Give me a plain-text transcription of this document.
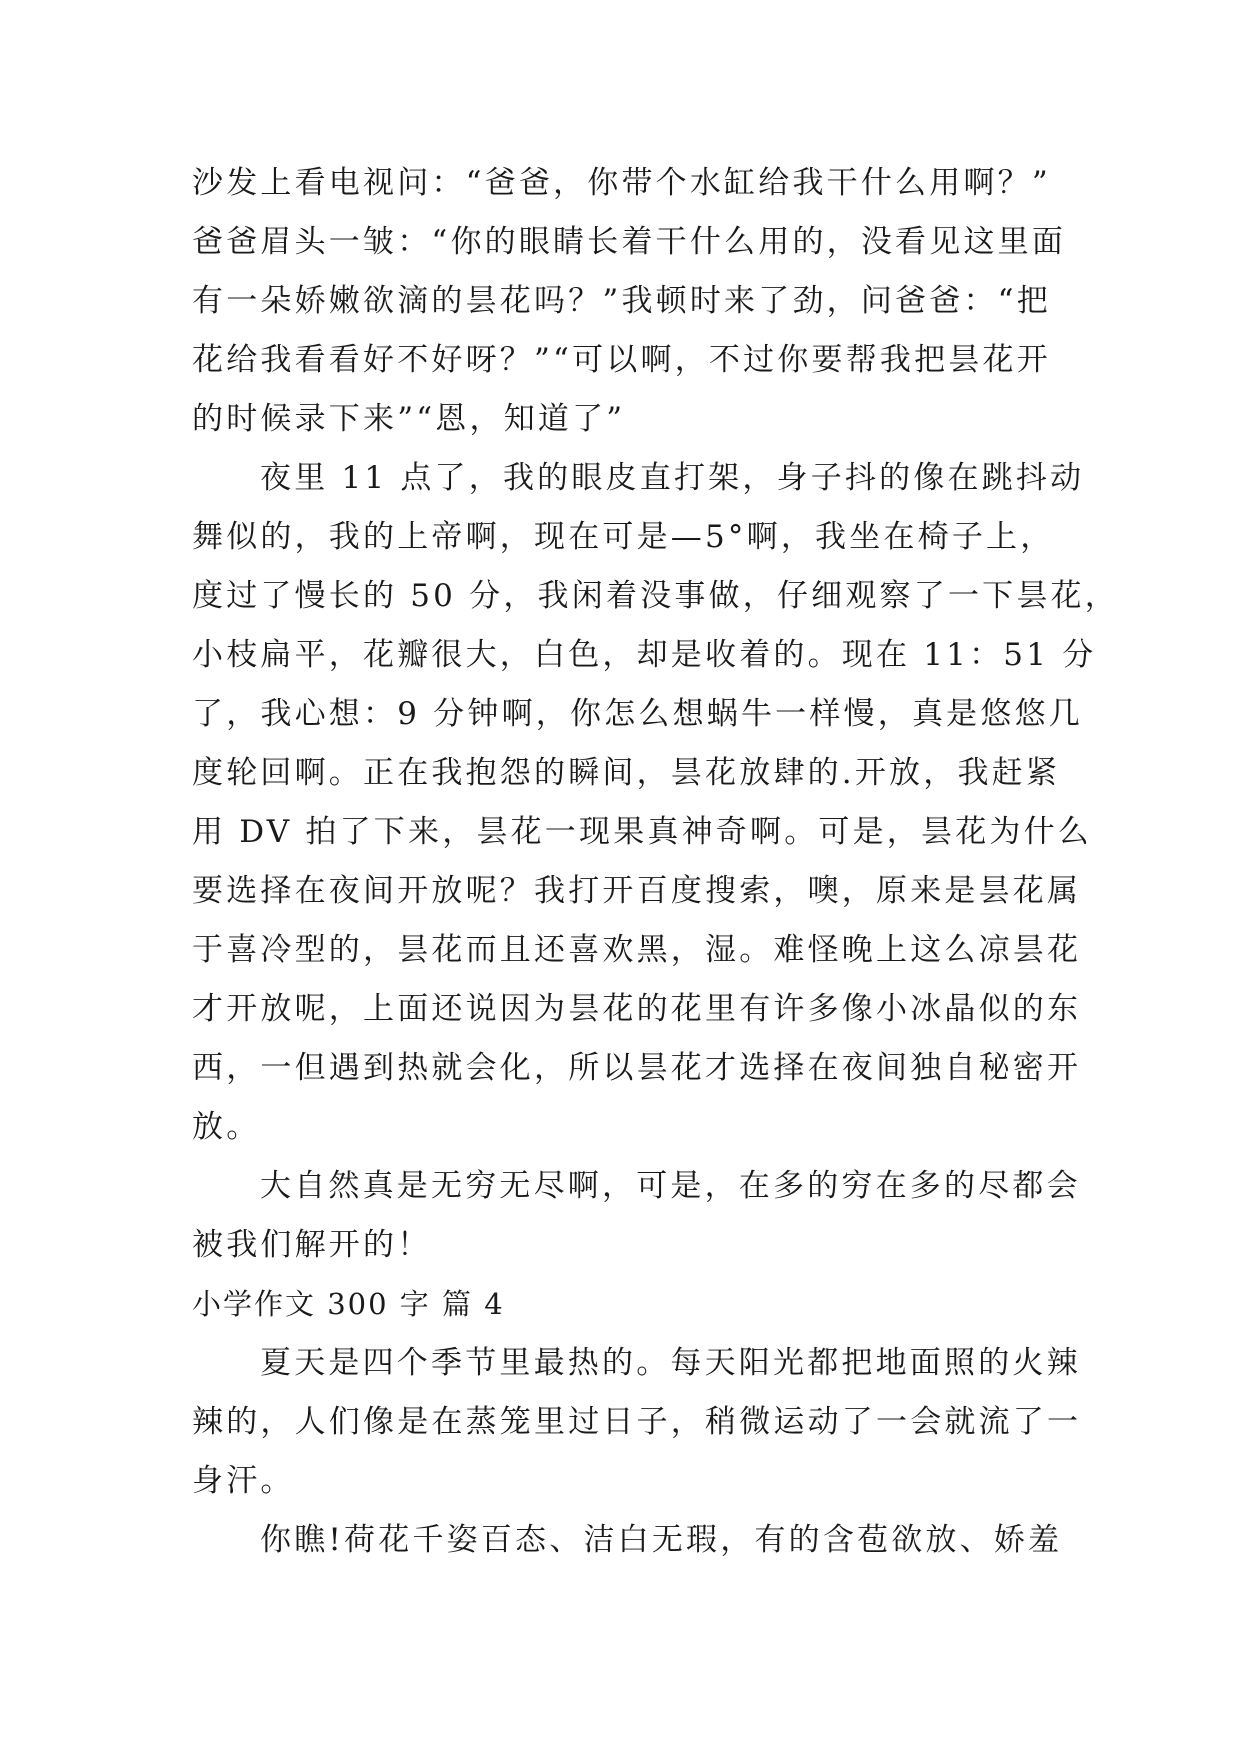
沙发上看电视问：“爸爸，你带个水缸给我干什么用啊？”
爸爸眉头一皱：“你的眼睛长着干什么用的，没看见这里面
有一朵娇嫩欲滴的昙花吗？”我顿时来了劲，问爸爸：“把
花给我看看好不好呀？”“可以啊，不过你要帮我把昙花开
的时候录下来”“恩，知道了”
夜里 11 点了，我的眼皮直打架，身子抖的像在跳抖动
舞似的，我的上帝啊，现在可是—5°啊，我坐在椅子上，
度过了慢长的 50 分，我闲着没事做，仔细观察了一下昙花，
小枝扁平，花瓣很大，白色，却是收着的。现在 11：51 分
了，我心想：9 分钟啊，你怎么想蜗牛一样慢，真是悠悠几
度轮回啊。正在我抱怨的瞬间，昙花放肆的.开放，我赶紧
用 DV 拍了下来，昙花一现果真神奇啊。可是，昙花为什么
要选择在夜间开放呢？我打开百度搜索，噢，原来是昙花属
于喜冷型的，昙花而且还喜欢黑，湿。难怪晚上这么凉昙花
才开放呢，上面还说因为昙花的花里有许多像小冰晶似的东
西，一但遇到热就会化，所以昙花才选择在夜间独自秘密开
放。
大自然真是无穷无尽啊，可是，在多的穷在多的尽都会
被我们解开的！
小学作文 300 字 篇 4
夏天是四个季节里最热的。每天阳光都把地面照的火辣
辣的，人们像是在蒸笼里过日子，稍微运动了一会就流了一
身汗。
你瞧!荷花千姿百态、洁白无瑕，有的含苞欲放、娇羞
